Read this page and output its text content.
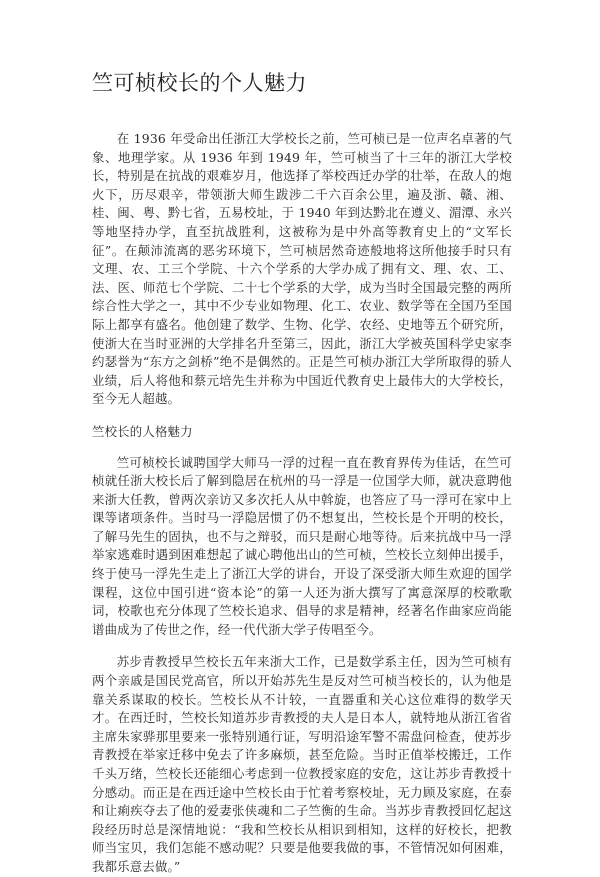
竺可桢校长的个人魅力

在 1936 年受命出任浙江大学校长之前，竺可桢已是一位声名卓著的气象、地理学家。从 1936 年到 1949 年，竺可桢当了十三年的浙江大学校长，特别是在抗战的艰难岁月，他选择了举校西迁办学的壮举，在敌人的炮火下，历尽艰辛，带领浙大师生跋涉二千六百余公里，遍及浙、赣、湘、桂、闽、粤、黔七省，五易校址，于 1940 年到达黔北在遵义、湄潭、永兴等地坚持办学，直至抗战胜利，这被称为是中外高等教育史上的“文军长征”。在颠沛流离的恶劣环境下，竺可桢居然奇迹般地将这所他接手时只有文理、农、工三个学院、十六个学系的大学办成了拥有文、理、农、工、法、医、师范七个学院、二十七个学系的大学，成为当时全国最完整的两所综合性大学之一，其中不少专业如物理、化工、农业、数学等在全国乃至国际上都享有盛名。他创建了数学、生物、化学、农经、史地等五个研究所，使浙大在当时亚洲的大学排名升至第三，因此，浙江大学被英国科学史家李约瑟誉为“东方之剑桥”绝不是偶然的。正是竺可桢办浙江大学所取得的骄人业绩，后人将他和蔡元培先生并称为中国近代教育史上最伟大的大学校长，至今无人超越。

竺校长的人格魅力

竺可桢校长诚聘国学大师马一浮的过程一直在教育界传为佳话，在竺可桢就任浙大校长后了解到隐居在杭州的马一浮是一位国学大师，就决意聘他来浙大任教，曾两次亲访又多次托人从中斡旋，也答应了马一浮可在家中上课等诸项条件。当时马一浮隐居惯了仍不想复出，竺校长是个开明的校长，了解马先生的固执，也不与之辩驳，而只是耐心地等待。后来抗战中马一浮举家逃难时遇到困难想起了诚心聘他出山的竺可桢，竺校长立刻伸出援手，终于使马一浮先生走上了浙江大学的讲台，开设了深受浙大师生欢迎的国学课程，这位中国引进“资本论”的第一人还为浙大撰写了寓意深厚的校歌歌词，校歌也充分体现了竺校长追求、倡导的求是精神，经著名作曲家应尚能谱曲成为了传世之作，经一代代浙大学子传唱至今。

苏步青教授早竺校长五年来浙大工作，已是数学系主任，因为竺可桢有两个亲戚是国民党高官，所以开始苏先生是反对竺可桢当校长的，认为他是靠关系谋取的校长。竺校长从不计较，一直器重和关心这位难得的数学天才。在西迁时，竺校长知道苏步青教授的夫人是日本人，就特地从浙江省省主席朱家骅那里要来一张特别通行证，写明沿途军警不需盘问检查，使苏步青教授在举家迁移中免去了许多麻烦，甚至危险。当时正值举校搬迁，工作千头万绪，竺校长还能细心考虑到一位教授家庭的安危，这让苏步青教授十分感动。而正是在西迁途中竺校长由于忙着考察校址，无力顾及家庭，在泰和让痢疾夺去了他的爱妻张侠魂和二子竺衡的生命。当苏步青教授回忆起这段经历时总是深情地说：“我和竺校长从相识到相知，这样的好校长，把教师当宝贝，我们怎能不感动呢？只要是他要我做的事，不管情况如何困难，我都乐意去做。”
